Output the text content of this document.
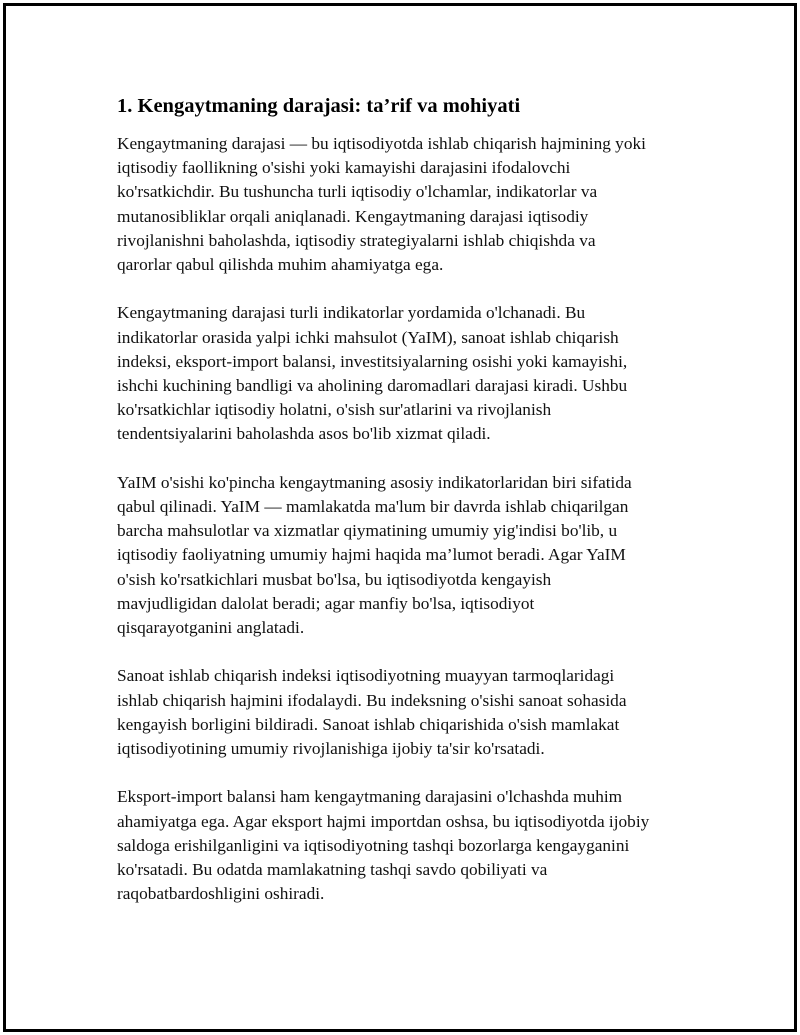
1. Kengaytmaning darajasi: ta’rif va mohiyati

Kengaytmaning darajasi — bu iqtisodiyotda ishlab chiqarish hajmining yoki
iqtisodiy faollikning o'sishi yoki kamayishi darajasini ifodalovchi
ko'rsatkichdir. Bu tushuncha turli iqtisodiy o'lchamlar, indikatorlar va
mutanosibliklar orqali aniqlanadi. Kengaytmaning darajasi iqtisodiy
rivojlanishni baholashda, iqtisodiy strategiyalarni ishlab chiqishda va
qarorlar qabul qilishda muhim ahamiyatga ega.

Kengaytmaning darajasi turli indikatorlar yordamida o'lchanadi. Bu
indikatorlar orasida yalpi ichki mahsulot (YaIM), sanoat ishlab chiqarish
indeksi, eksport-import balansi, investitsiyalarning osishi yoki kamayishi,
ishchi kuchining bandligi va aholining daromadlari darajasi kiradi. Ushbu
ko'rsatkichlar iqtisodiy holatni, o'sish sur'atlarini va rivojlanish
tendentsiyalarini baholashda asos bo'lib xizmat qiladi.

YaIM o'sishi ko'pincha kengaytmaning asosiy indikatorlaridan biri sifatida
qabul qilinadi. YaIM — mamlakatda ma'lum bir davrda ishlab chiqarilgan
barcha mahsulotlar va xizmatlar qiymatining umumiy yig'indisi bo'lib, u
iqtisodiy faoliyatning umumiy hajmi haqida ma’lumot beradi. Agar YaIM
o'sish ko'rsatkichlari musbat bo'lsa, bu iqtisodiyotda kengayish
mavjudligidan dalolat beradi; agar manfiy bo'lsa, iqtisodiyot
qisqarayotganini anglatadi.

Sanoat ishlab chiqarish indeksi iqtisodiyotning muayyan tarmoqlaridagi
ishlab chiqarish hajmini ifodalaydi. Bu indeksning o'sishi sanoat sohasida
kengayish borligini bildiradi. Sanoat ishlab chiqarishida o'sish mamlakat
iqtisodiyotining umumiy rivojlanishiga ijobiy ta'sir ko'rsatadi.

Eksport-import balansi ham kengaytmaning darajasini o'lchashda muhim
ahamiyatga ega. Agar eksport hajmi importdan oshsa, bu iqtisodiyotda ijobiy
saldoga erishilganligini va iqtisodiyotning tashqi bozorlarga kengayganini
ko'rsatadi. Bu odatda mamlakatning tashqi savdo qobiliyati va
raqobatbardoshligini oshiradi.
